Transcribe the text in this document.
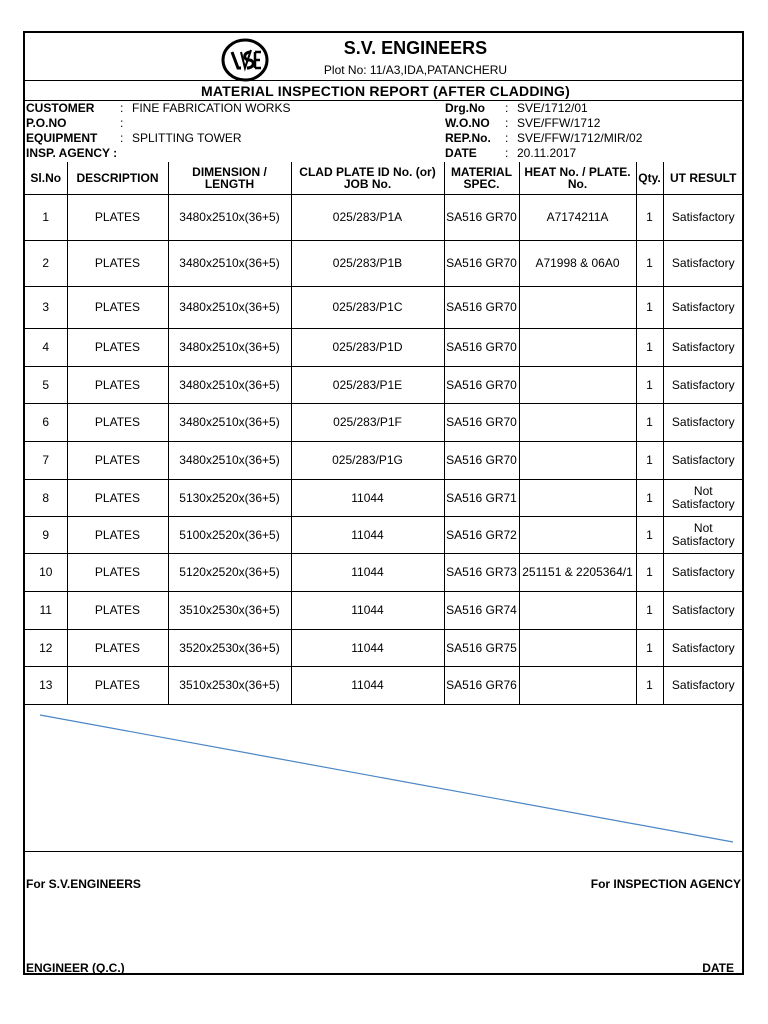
S.V. ENGINEERS
Plot No: 11/A3,IDA,PATANCHERU
MATERIAL INSPECTION REPORT (AFTER CLADDING)
CUSTOMER : FINE FABRICATION WORKS
P.O.NO	:
EQUIPMENT : SPLITTING TOWER
INSP. AGENCY :
Drg.No : SVE/1712/01
W.O.NO : SVE/FFW/1712
REP.No. : SVE/FFW/1712/MIR/02
DATE : 20.11.2017
Sl.No	DESCRIPTION	DIMENSION / LENGTH	CLAD PLATE ID No. (or) JOB No.	MATERIAL SPEC.	HEAT No. / PLATE. No.	Qty.	UT RESULT
1	PLATES	3480x2510x(36+5)	025/283/P1A	SA516 GR70	A7174211A	1	Satisfactory
2	PLATES	3480x2510x(36+5)	025/283/P1B	SA516 GR70	A71998 & 06A0	1	Satisfactory
3	PLATES	3480x2510x(36+5)	025/283/P1C	SA516 GR70		1	Satisfactory
4	PLATES	3480x2510x(36+5)	025/283/P1D	SA516 GR70		1	Satisfactory
5	PLATES	3480x2510x(36+5)	025/283/P1E	SA516 GR70		1	Satisfactory
6	PLATES	3480x2510x(36+5)	025/283/P1F	SA516 GR70		1	Satisfactory
7	PLATES	3480x2510x(36+5)	025/283/P1G	SA516 GR70		1	Satisfactory
8	PLATES	5130x2520x(36+5)	11044	SA516 GR71		1	Not Satisfactory
9	PLATES	5100x2520x(36+5)	11044	SA516 GR72		1	Not Satisfactory
10	PLATES	5120x2520x(36+5)	11044	SA516 GR73	251151 & 2205364/1	1	Satisfactory
11	PLATES	3510x2530x(36+5)	11044	SA516 GR74		1	Satisfactory
12	PLATES	3520x2530x(36+5)	11044	SA516 GR75		1	Satisfactory
13	PLATES	3510x2530x(36+5)	11044	SA516 GR76		1	Satisfactory
For S.V.ENGINEERS	For INSPECTION AGENCY
ENGINEER (Q.C.)	DATE
